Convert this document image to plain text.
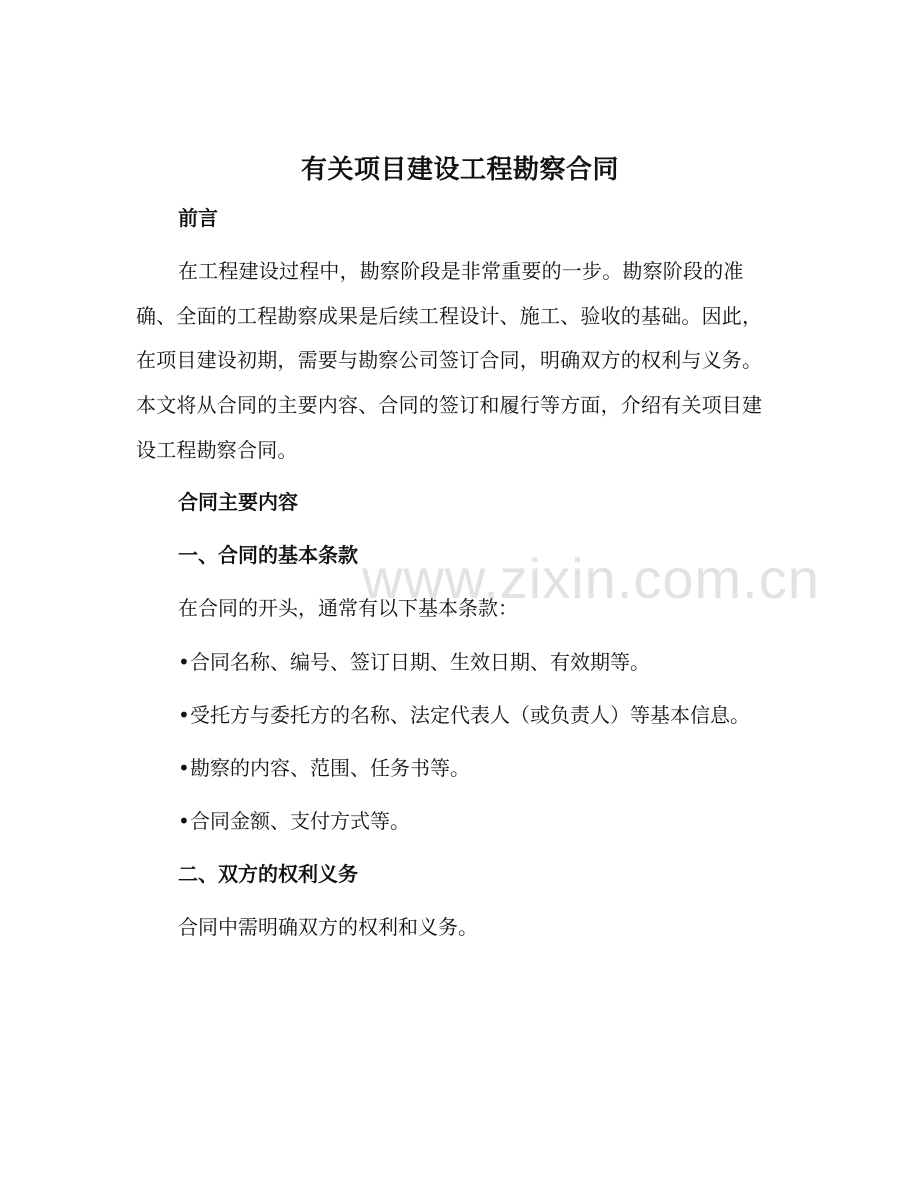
www.zixin.com.cn
有关项目建设工程勘察合同
前言
在工程建设过程中，勘察阶段是非常重要的一步。勘察阶段的准确、全面的工程勘察成果是后续工程设计、施工、验收的基础。因此，在项目建设初期，需要与勘察公司签订合同，明确双方的权利与义务。本文将从合同的主要内容、合同的签订和履行等方面，介绍有关项目建设工程勘察合同。
合同主要内容
一、合同的基本条款
在合同的开头，通常有以下基本条款：
•合同名称、编号、签订日期、生效日期、有效期等。
•受托方与委托方的名称、法定代表人（或负责人）等基本信息。
•勘察的内容、范围、任务书等。
•合同金额、支付方式等。
二、双方的权利义务
合同中需明确双方的权利和义务。
